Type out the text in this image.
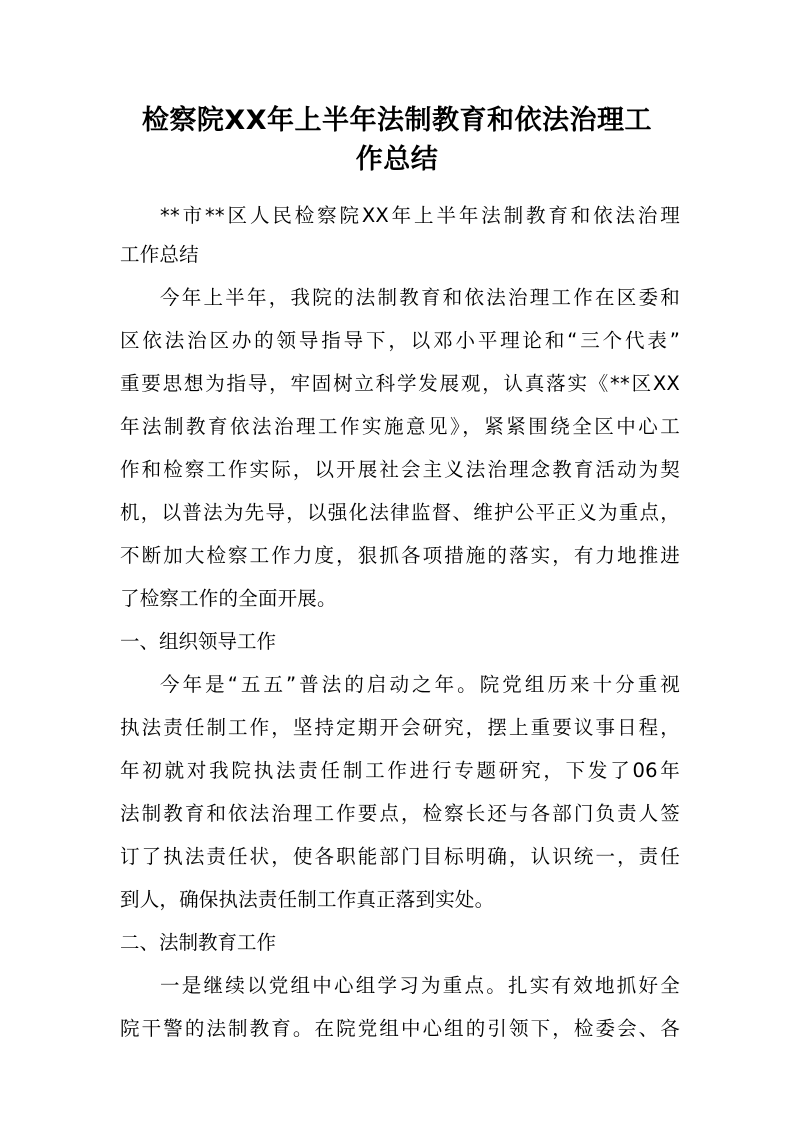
检察院XX年上半年法制教育和依法治理工
作总结
**市**区人民检察院XX年上半年法制教育和依法治理
工作总结
今年上半年，我院的法制教育和依法治理工作在区委和
区依法治区办的领导指导下，以邓小平理论和“三个代表”
重要思想为指导，牢固树立科学发展观，认真落实《**区XX
年法制教育依法治理工作实施意见》，紧紧围绕全区中心工
作和检察工作实际，以开展社会主义法治理念教育活动为契
机，以普法为先导，以强化法律监督、维护公平正义为重点，
不断加大检察工作力度，狠抓各项措施的落实，有力地推进
了检察工作的全面开展。
一、组织领导工作
今年是“五五”普法的启动之年。院党组历来十分重视
执法责任制工作，坚持定期开会研究，摆上重要议事日程，
年初就对我院执法责任制工作进行专题研究，下发了06年
法制教育和依法治理工作要点，检察长还与各部门负责人签
订了执法责任状，使各职能部门目标明确，认识统一，责任
到人，确保执法责任制工作真正落到实处。
二、法制教育工作
一是继续以党组中心组学习为重点。扎实有效地抓好全
院干警的法制教育。在院党组中心组的引领下，检委会、各
